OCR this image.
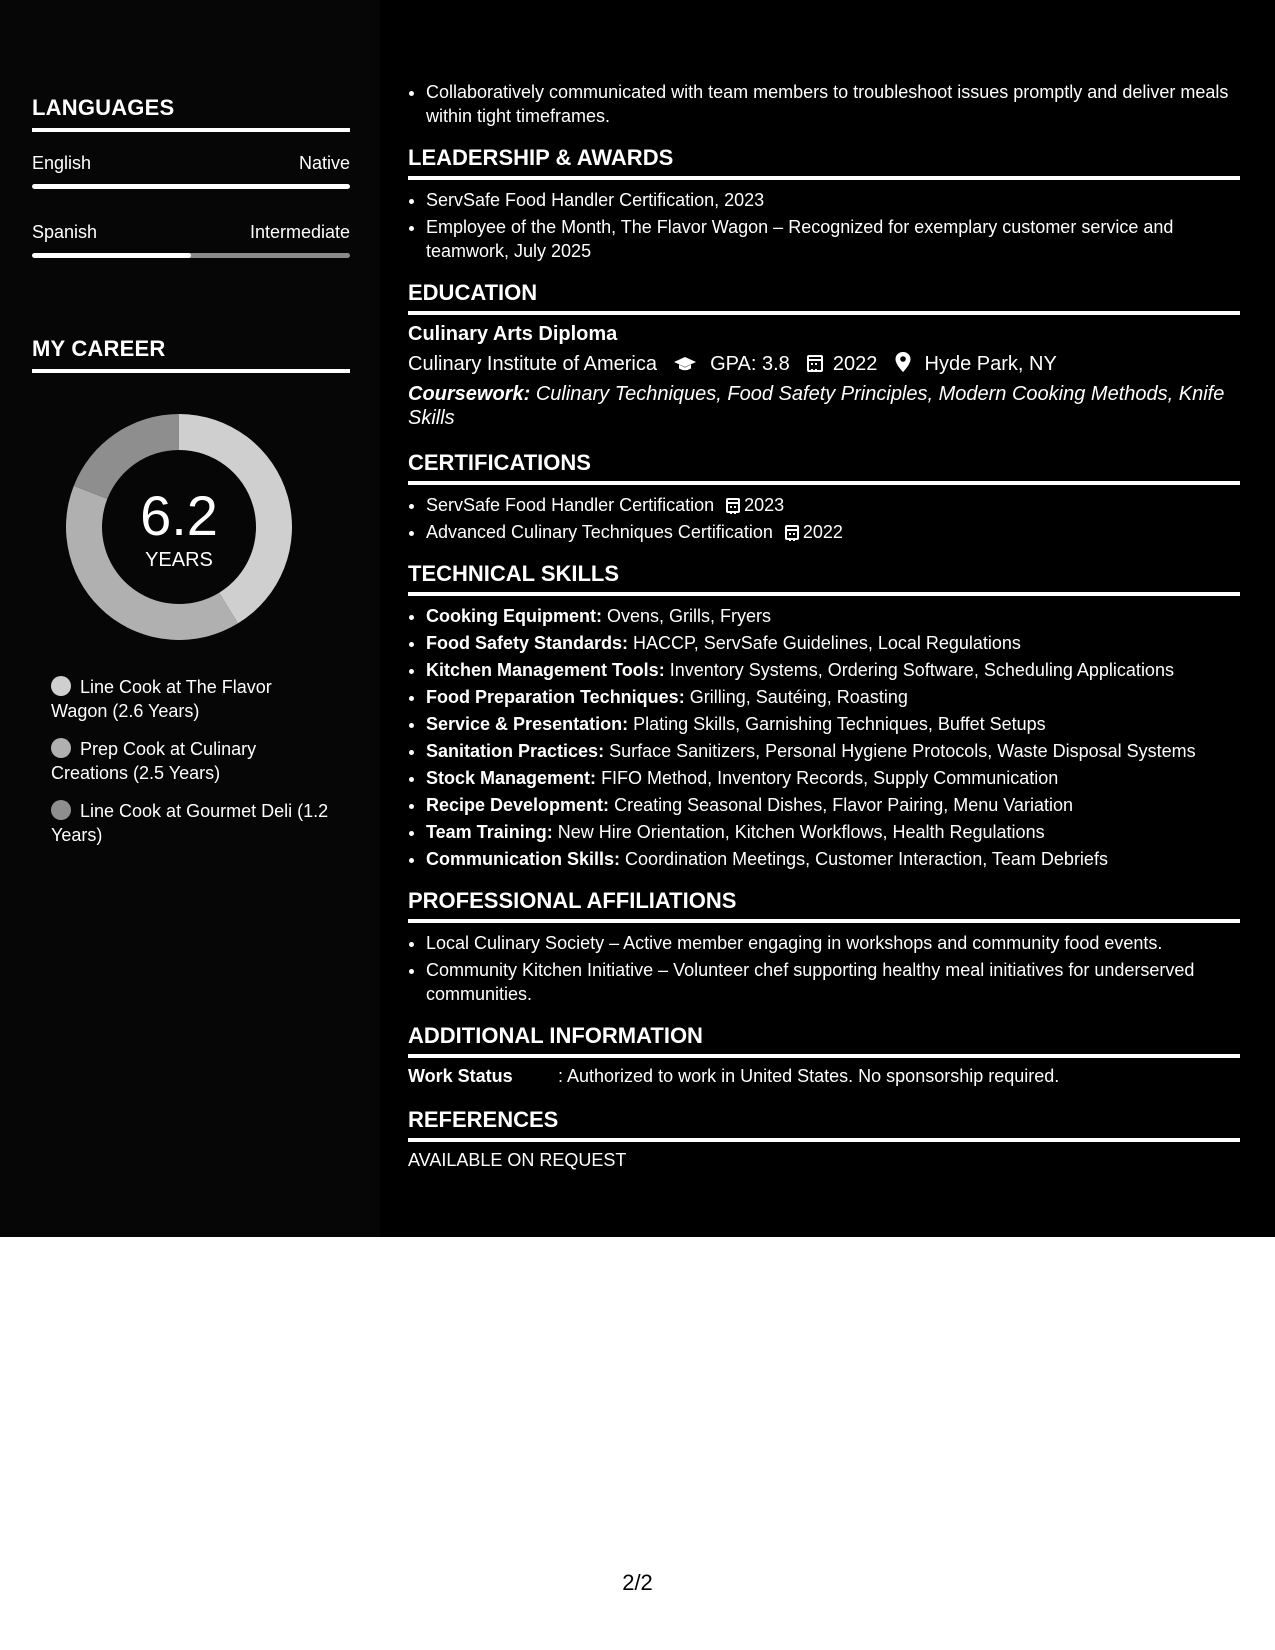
LANGUAGES
English	Native
Spanish	Intermediate
MY CAREER
6.2
YEARS
Line Cook at The Flavor Wagon (2.6 Years)
Prep Cook at Culinary Creations (2.5 Years)
Line Cook at Gourmet Deli (1.2 Years)
• Collaboratively communicated with team members to troubleshoot issues promptly and deliver meals within tight timeframes.
LEADERSHIP & AWARDS
• ServSafe Food Handler Certification, 2023
• Employee of the Month, The Flavor Wagon – Recognized for exemplary customer service and teamwork, July 2025
EDUCATION
Culinary Arts Diploma
Culinary Institute of America	GPA: 3.8 2022 Hyde Park, NY
Coursework: Culinary Techniques, Food Safety Principles, Modern Cooking Methods, Knife Skills
CERTIFICATIONS
• ServSafe Food Handler Certification 2023
• Advanced Culinary Techniques Certification 2022
TECHNICAL SKILLS
• Cooking Equipment: Ovens, Grills, Fryers
• Food Safety Standards: HACCP, ServSafe Guidelines, Local Regulations
• Kitchen Management Tools: Inventory Systems, Ordering Software, Scheduling Applications
• Food Preparation Techniques: Grilling, Sautéing, Roasting
• Service & Presentation: Plating Skills, Garnishing Techniques, Buffet Setups
• Sanitation Practices: Surface Sanitizers, Personal Hygiene Protocols, Waste Disposal Systems
• Stock Management: FIFO Method, Inventory Records, Supply Communication
• Recipe Development: Creating Seasonal Dishes, Flavor Pairing, Menu Variation
• Team Training: New Hire Orientation, Kitchen Workflows, Health Regulations
• Communication Skills: Coordination Meetings, Customer Interaction, Team Debriefs
PROFESSIONAL AFFILIATIONS
• Local Culinary Society – Active member engaging in workshops and community food events.
• Community Kitchen Initiative – Volunteer chef supporting healthy meal initiatives for underserved communities.
ADDITIONAL INFORMATION
Work Status	: Authorized to work in United States. No sponsorship required.
REFERENCES
AVAILABLE ON REQUEST
2/2
